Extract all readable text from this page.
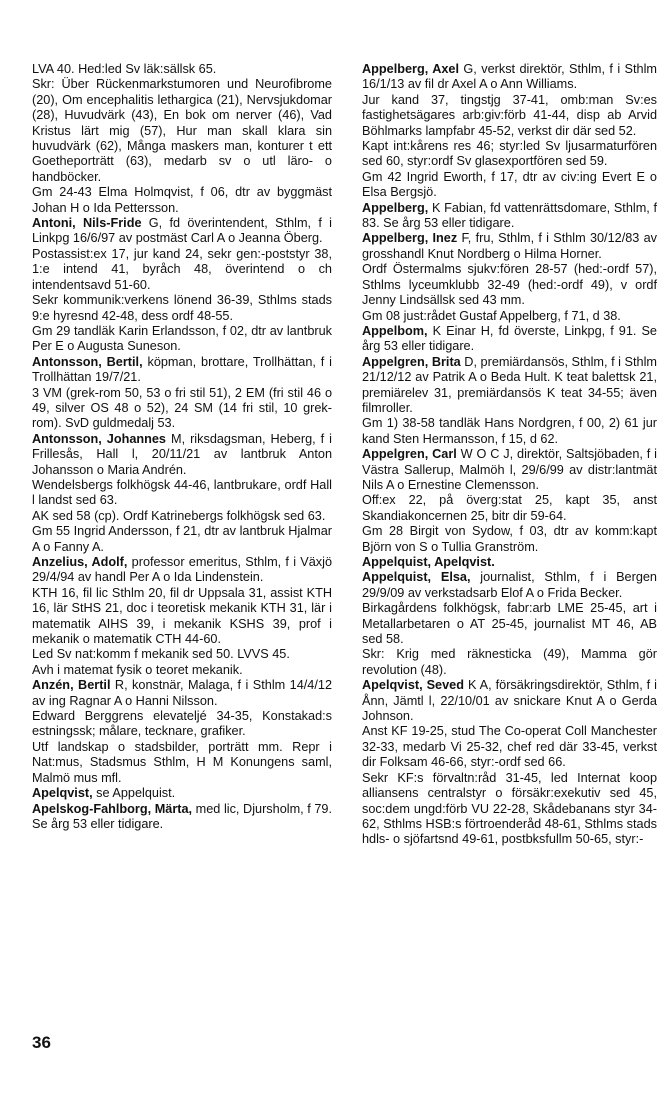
LVA 40. Hed:led Sv läk:sällsk 65.

Skr: Über Rückenmarkstumoren und Neurofibrome (20), Om encephalitis lethargica (21), Nervsjukdomar (28), Huvudvärk (43), En bok om nerver (46), Vad Kristus lärt mig (57), Hur man skall klara sin huvudvärk (62), Många maskers man, konturer t ett Goetheporträtt (63), medarb sv o utl läro- o handböcker.

Gm 24-43 Elma Holmqvist, f 06, dtr av byggmäst Johan H o Ida Pettersson.

Antoni, Nils-Fride G, fd överintendent, Sthlm, f i Linkpg 16/6/97 av postmäst Carl A o Jeanna Öberg.

Postassist:ex 17, jur kand 24, sekr gen:-poststyr 38, 1:e intend 41, byråch 48, överintend o ch intendentsavd 51-60.

Sekr kommunik:verkens lönend 36-39, Sthlms stads 9:e hyresnd 42-48, dess ordf 48-55.

Gm 29 tandläk Karin Erlandsson, f 02, dtr av lantbruk Per E o Augusta Suneson.

Antonsson, Bertil, köpman, brottare, Trollhättan, f i Trollhättan 19/7/21.

3 VM (grek-rom 50, 53 o fri stil 51), 2 EM (fri stil 46 o 49, silver OS 48 o 52), 24 SM (14 fri stil, 10 grek-rom). SvD guldmedalj 53.

Antonsson, Johannes M, riksdagsman, Heberg, f i Frillesås, Hall l, 20/11/21 av lantbruk Anton Johansson o Maria Andrén.

Wendelsbergs folkhögsk 44-46, lantbrukare, ordf Hall l landst sed 63.

AK sed 58 (cp). Ordf Katrinebergs folkhögsk sed 63.

Gm 55 Ingrid Andersson, f 21, dtr av lantbruk Hjalmar A o Fanny A.

Anzelius, Adolf, professor emeritus, Sthlm, f i Växjö 29/4/94 av handl Per A o Ida Lindenstein.

KTH 16, fil lic Sthlm 20, fil dr Uppsala 31, assist KTH 16, lär StHS 21, doc i teoretisk mekanik KTH 31, lär i matematik AIHS 39, i mekanik KSHS 39, prof i mekanik o matematik CTH 44-60.

Led Sv nat:komm f mekanik sed 50. LVVS 45.

Avh i matemat fysik o teoret mekanik.

Anzén, Bertil R, konstnär, Malaga, f i Sthlm 14/4/12 av ing Ragnar A o Hanni Nilsson.

Edward Berggrens elevateljé 34-35, Konstakad:s estningssk; målare, tecknare, grafiker.

Utf landskap o stadsbilder, porträtt mm. Repr i Nat:mus, Stadsmus Sthlm, H M Konungens saml, Malmö mus mfl.

Apelqvist, se Appelquist.

Apelskog-Fahlborg, Märta, med lic, Djursholm, f 79. Se årg 53 eller tidigare.

Appelberg, Axel G, verkst direktör, Sthlm, f i Sthlm 16/1/13 av fil dr Axel A o Ann Williams.

Jur kand 37, tingstjg 37-41, omb:man Sv:es fastighetsägares arb:giv:förb 41-44, disp ab Arvid Böhlmarks lampfabr 45-52, verkst dir där sed 52.

Kapt int:kårens res 46; styr:led Sv ljusarmaturfören sed 60, styr:ordf Sv glasexportfören sed 59.

Gm 42 Ingrid Eworth, f 17, dtr av civ:ing Evert E o Elsa Bergsjö.

Appelberg, K Fabian, fd vattenrättsdomare, Sthlm, f 83. Se årg 53 eller tidigare.

Appelberg, Inez F, fru, Sthlm, f i Sthlm 30/12/83 av grosshandl Knut Nordberg o Hilma Horner.

Ordf Östermalms sjukv:fören 28-57 (hed:-ordf 57), Sthlms lyceumklubb 32-49 (hed:-ordf 49), v ordf Jenny Lindsällsk sed 43 mm.

Gm 08 just:rådet Gustaf Appelberg, f 71, d 38.

Appelbom, K Einar H, fd överste, Linkpg, f 91. Se årg 53 eller tidigare.

Appelgren, Brita D, premiärdansös, Sthlm, f i Sthlm 21/12/12 av Patrik A o Beda Hult. K teat balettsk 21, premiärelev 31, premiärdansös K teat 34-55; även filmroller.

Gm 1) 38-58 tandläk Hans Nordgren, f 00, 2) 61 jur kand Sten Hermansson, f 15, d 62.

Appelgren, Carl W O C J, direktör, Saltsjöbaden, f i Västra Sallerup, Malmöh l, 29/6/99 av distr:lantmät Nils A o Ernestine Clemensson.

Off:ex 22, på överg:stat 25, kapt 35, anst Skandiakoncernen 25, bitr dir 59-64.

Gm 28 Birgit von Sydow, f 03, dtr av komm:kapt Björn von S o Tullia Granström.

Appelquist, Apelqvist.

Appelquist, Elsa, journalist, Sthlm, f i Bergen 29/9/09 av verkstadsarb Elof A o Frida Becker.

Birkagårdens folkhögsk, fabr:arb LME 25-45, art i Metallarbetaren o AT 25-45, journalist MT 46, AB sed 58.

Skr: Krig med räknesticka (49), Mamma gör revolution (48).

Apelqvist, Seved K A, försäkringsdirektör, Sthlm, f i Ånn, Jämtl l, 22/10/01 av snickare Knut A o Gerda Johnson.

Anst KF 19-25, stud The Co-operat Coll Manchester 32-33, medarb Vi 25-32, chef red där 33-45, verkst dir Folksam 46-66, styr:-ordf sed 66.

Sekr KF:s förvaltn:råd 31-45, led Internat koop alliansens centralstyr o försäkr:exekutiv sed 45, soc:dem ungd:förb VU 22-28, Skådebanans styr 34-62, Sthlms HSB:s förtroenderåd 48-61, Sthlms stads hdls- o sjöfartsnd 49-61, postbksfullm 50-65, styr:-

36
